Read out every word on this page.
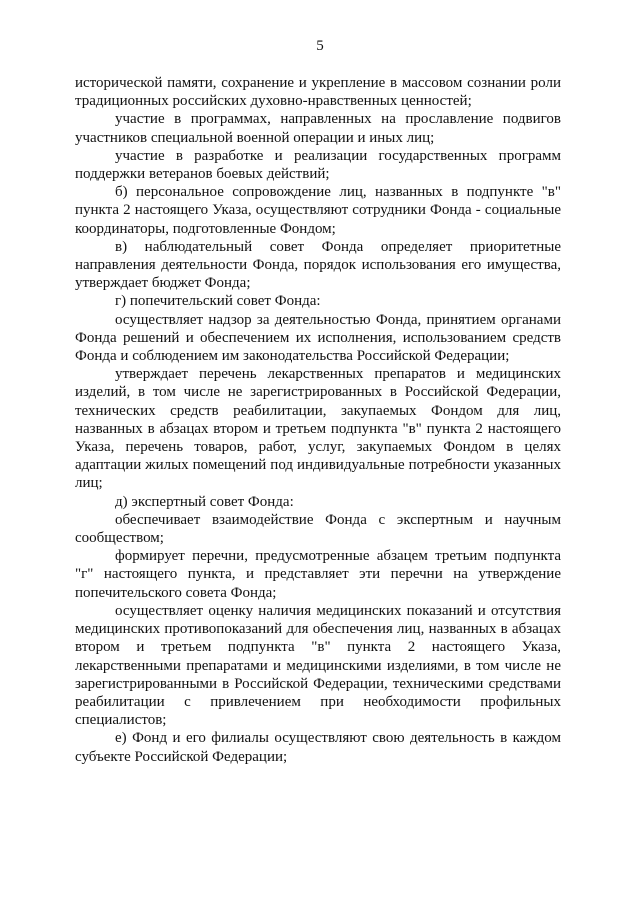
5

исторической памяти, сохранение и укрепление в массовом сознании роли традиционных российских духовно-нравственных ценностей;

участие в программах, направленных на прославление подвигов участников специальной военной операции и иных лиц;

участие в разработке и реализации государственных программ поддержки ветеранов боевых действий;

б) персональное сопровождение лиц, названных в подпункте "в" пункта 2 настоящего Указа, осуществляют сотрудники Фонда - социальные координаторы, подготовленные Фондом;

в) наблюдательный совет Фонда определяет приоритетные направления деятельности Фонда, порядок использования его имущества, утверждает бюджет Фонда;

г) попечительский совет Фонда:

осуществляет надзор за деятельностью Фонда, принятием органами Фонда решений и обеспечением их исполнения, использованием средств Фонда и соблюдением им законодательства Российской Федерации;

утверждает перечень лекарственных препаратов и медицинских изделий, в том числе не зарегистрированных в Российской Федерации, технических средств реабилитации, закупаемых Фондом для лиц, названных в абзацах втором и третьем подпункта "в" пункта 2 настоящего Указа, перечень товаров, работ, услуг, закупаемых Фондом в целях адаптации жилых помещений под индивидуальные потребности указанных лиц;

д) экспертный совет Фонда:

обеспечивает взаимодействие Фонда с экспертным и научным сообществом;

формирует перечни, предусмотренные абзацем третьим подпункта "г" настоящего пункта, и представляет эти перечни на утверждение попечительского совета Фонда;

осуществляет оценку наличия медицинских показаний и отсутствия медицинских противопоказаний для обеспечения лиц, названных в абзацах втором и третьем подпункта "в" пункта 2 настоящего Указа, лекарственными препаратами и медицинскими изделиями, в том числе не зарегистрированными в Российской Федерации, техническими средствами реабилитации с привлечением при необходимости профильных специалистов;

е) Фонд и его филиалы осуществляют свою деятельность в каждом субъекте Российской Федерации;
